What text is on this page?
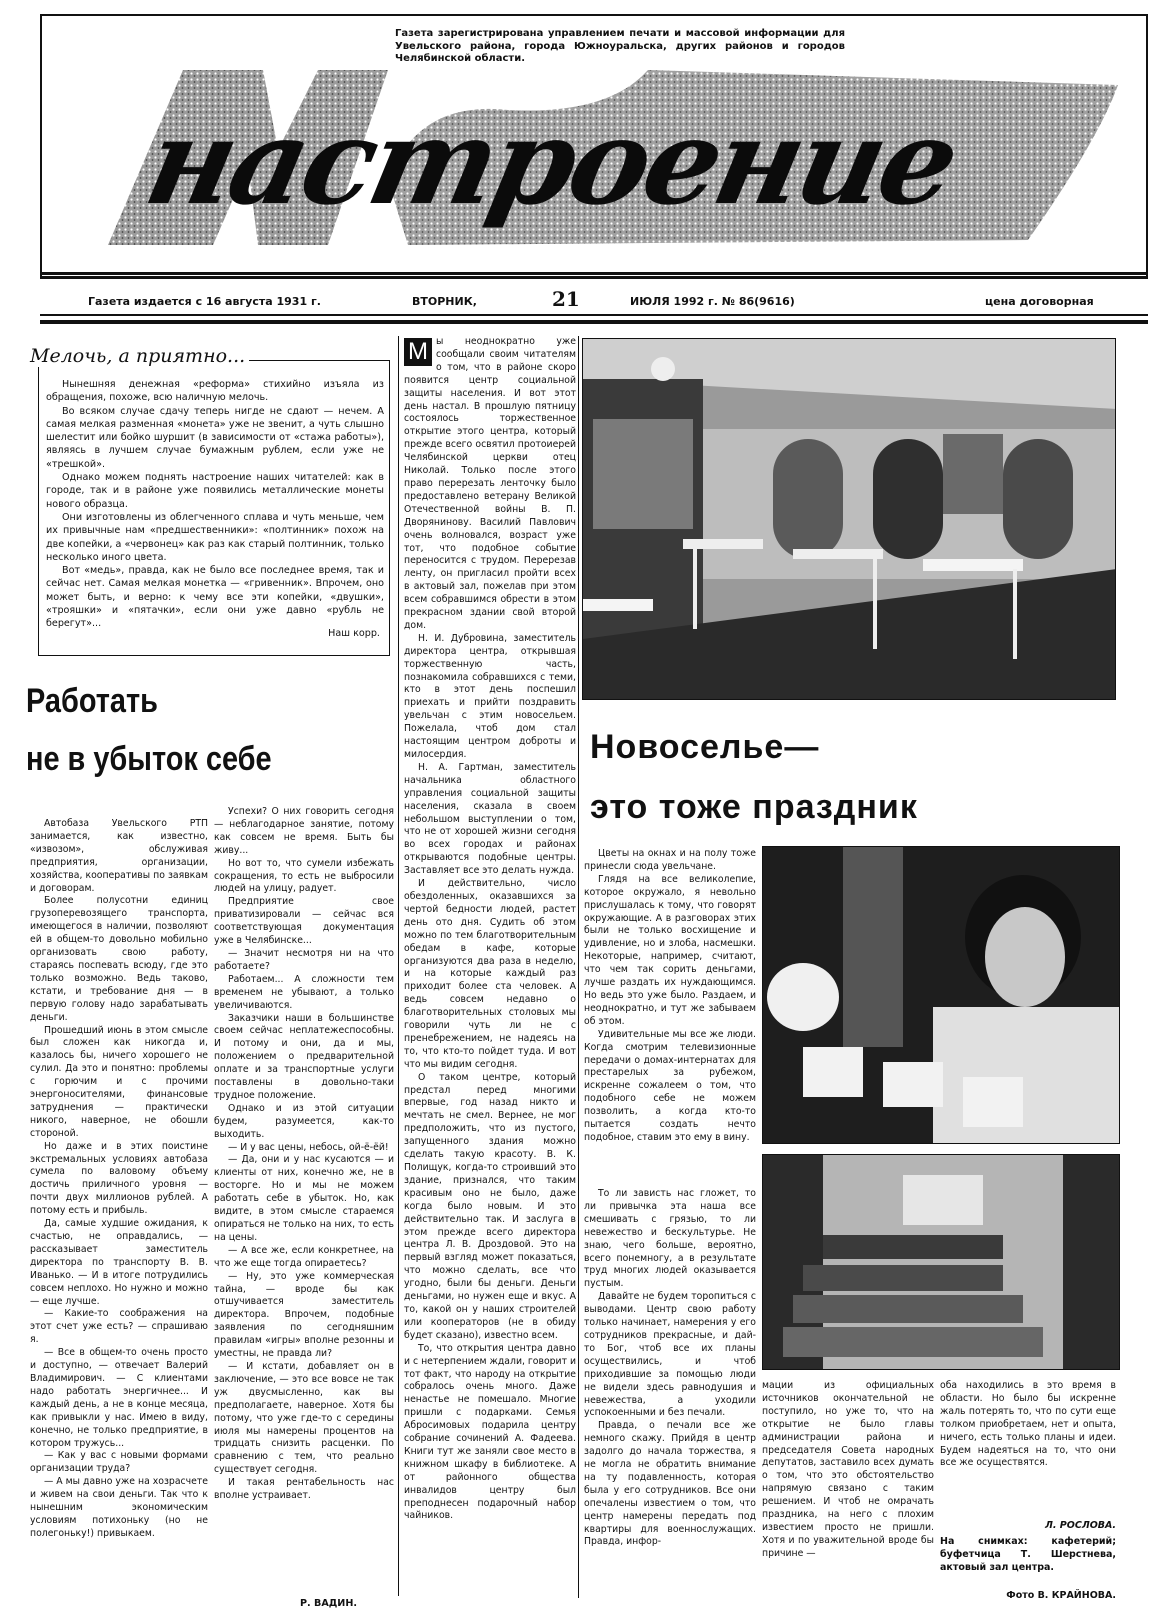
Газета зарегистрирована управлением печати и массовой информации для Увельского района, города Южноуральска, других районов и городов Челябинской области.
настроение
Газета издается с 16 августа 1931 г.	ВТОРНИК,	21	ИЮЛЯ 1992 г. № 86(9616)	цена договорная
Мелочь, а приятно...

Нынешняя денежная «реформа» стихийно изъяла из обращения, похоже, всю наличную мелочь.

Во всяком случае сдачу теперь нигде не сдают — нечем. А самая мелкая разменная «монета» уже не звенит, а чуть слышно шелестит или бойко шуршит (в зависимости от «стажа работы»), являясь в лучшем случае бумажным рублем, если уже не «трешкой».

Однако можем поднять настроение наших читателей: как в городе, так и в районе уже появились металлические монеты нового образца.

Они изготовлены из облегченного сплава и чуть меньше, чем их привычные нам «предшественники»: «полтинник» похож на две копейки, а «червонец» как раз как старый полтинник, только несколько иного цвета.

Вот «медь», правда, как не было все последнее время, так и сейчас нет. Самая мелкая монетка — «гривенник». Впрочем, оно может быть, и верно: к чему все эти копейки, «двушки», «трояшки» и «пятачки», если они уже давно «рубль не берегут»...

Наш корр.
Работать
не в убыток себе

Автобаза Увельского РТП занимается, как известно, «извозом», обслуживая предприятия, организации, хозяйства, кооперативы по заявкам и договорам.

Более полусотни единиц грузоперевозящего транспорта, имеющегося в наличии, позволяют ей в общем-то довольно мобильно организовать свою работу, стараясь поспевать всюду, где это только возможно. Ведь таково, кстати, и требование дня — в первую голову надо зарабатывать деньги.

Прошедший июнь в этом смысле был сложен как никогда и, казалось бы, ничего хорошего не сулил. Да это и понятно: проблемы с горючим и с прочими энергоносителями, финансовые затруднения — практически никого, наверное, не обошли стороной.

Но даже и в этих поистине экстремальных условиях автобаза сумела по валовому объему достичь приличного уровня — почти двух миллионов рублей. А потому есть и прибыль.

Да, самые худшие ожидания, к счастью, не оправдались, — рассказывает заместитель директора по транспорту В. В. Иванько. — И в итоге потрудились совсем неплохо. Но нужно и можно — еще лучше.

— Какие-то соображения на этот счет уже есть? — спрашиваю я.

— Все в общем-то очень просто и доступно, — отвечает Валерий Владимирович. — С клиентами надо работать энергичнее... И каждый день, а не в конце месяца, как привыкли у нас. Имею в виду, конечно, не только предприятие, в котором тружусь...

— Как у вас с новыми формами организации труда?

— А мы давно уже на хозрасчете и живем на свои деньги. Так что к нынешним экономическим условиям потихоньку (но не полегоньку!) привыкаем.

Успехи? О них говорить сегодня — неблагодарное занятие, потому как совсем не время. Быть бы живу...

Но вот то, что сумели избежать сокращения, то есть не выбросили людей на улицу, радует.

Предприятие свое приватизировали — сейчас вся соответствующая документация уже в Челябинске...

— Значит несмотря ни на что работаете?

Работаем... А сложности тем временем не убывают, а только увеличиваются.

Заказчики наши в большинстве своем сейчас неплатежеспособны. И потому и они, да и мы, положением о предварительной оплате и за транспортные услуги поставлены в довольно-таки трудное положение.

Однако и из этой ситуации будем, разумеется, как-то выходить.

— И у вас цены, небось, ой-ё-ёй!

— Да, они и у нас кусаются — и клиенты от них, конечно же, не в восторге. Но и мы не можем работать себе в убыток. Но, как видите, в этом смысле стараемся опираться не только на них, то есть на цены.

— А все же, если конкретнее, на что же еще тогда опираетесь?

— Ну, это уже коммерческая тайна, — вроде бы как отшучивается заместитель директора. Впрочем, подобные заявления по сегодняшним правилам «игры» вполне резонны и уместны, не правда ли?

— И кстати, добавляет он в заключение, — это все вовсе не так уж двусмысленно, как вы предполагаете, наверное. Хотя бы потому, что уже где-то с середины июля мы намерены процентов на тридцать снизить расценки. По сравнению с тем, что реально существует сегодня.

И такая рентабельность нас вполне устраивает.

Р. ВАДИН.

М ы неоднократно уже сообщали своим читателям о том, что в районе скоро появится центр социальной защиты населения. И вот этот день настал. В прошлую пятницу состоялось торжественное открытие этого центра, который прежде всего освятил протоиерей Челябинской церкви отец Николай. Только после этого право перерезать ленточку было предоставлено ветерану Великой Отечественной войны В. П. Дворянинову. Василий Павлович очень волновался, возраст уже тот, что подобное событие переносится с трудом. Перерезав ленту, он пригласил пройти всех в актовый зал, пожелав при этом всем собравшимся обрести в этом прекрасном здании свой второй дом.

Н. И. Дубровина, заместитель директора центра, открывшая торжественную часть, познакомила собравшихся с теми, кто в этот день поспешил приехать и прийти поздравить увельчан с этим новосельем. Пожелала, чтоб дом стал настоящим центром доброты и милосердия.

Н. А. Гартман, заместитель начальника областного управления социальной защиты населения, сказала в своем небольшом выступлении о том, что не от хорошей жизни сегодня во всех городах и районах открываются подобные центры. Заставляет все это делать нужда.

И действительно, число обездоленных, оказавшихся за чертой бедности людей, растет день ото дня. Судить об этом можно по тем благотворительным обедам в кафе, которые организуются два раза в неделю, и на которые каждый раз приходит более ста человек. А ведь совсем недавно о благотворительных столовых мы говорили чуть ли не с пренебрежением, не надеясь на то, что кто-то пойдет туда. И вот что мы видим сегодня.

О таком центре, который предстал перед многими впервые, год назад никто и мечтать не смел. Вернее, не мог предположить, что из пустого, запущенного здания можно сделать такую красоту. В. К. Полищук, когда-то строивший это здание, признался, что таким красивым оно не было, даже когда было новым. И это действительно так. И заслуга в этом прежде всего директора центра Л. В. Дроздовой. Это на первый взгляд может показаться, что можно сделать, все что угодно, были бы деньги. Деньги деньгами, но нужен еще и вкус. А то, какой он у наших строителей или кооператоров (не в обиду будет сказано), известно всем.

То, что открытия центра давно и с нетерпением ждали, говорит и тот факт, что народу на открытие собралось очень много. Даже ненастье не помешало. Многие пришли с подарками. Семья Абросимовых подарила центру собрание сочинений А. Фадеева. Книги тут же заняли свое место в книжном шкафу в библиотеке. А от районного общества инвалидов центру был преподнесен подарочный набор чайников.

Новоселье—
это тоже праздник

Цветы на окнах и на полу тоже принесли сюда увельчане.

Глядя на все великолепие, которое окружало, я невольно прислушалась к тому, что говорят окружающие. А в разговорах этих были не только восхищение и удивление, но и злоба, насмешки. Некоторые, например, считают, что чем так сорить деньгами, лучше раздать их нуждающимся. Но ведь это уже было. Раздаем, и неоднократно, и тут же забываем об этом.

Удивительные мы все же люди. Когда смотрим телевизионные передачи о домах-интернатах для престарелых за рубежом, искренне сожалеем о том, что подобного себе не можем позволить, а когда кто-то пытается создать нечто подобное, ставим это ему в вину.

То ли зависть нас гложет, то ли привычка эта наша все смешивать с грязью, то ли невежество и бескультурье. Не знаю, чего больше, вероятно, всего понемногу, а в результате труд многих людей оказывается пустым.

Давайте не будем торопиться с выводами. Центр свою работу только начинает, намерения у его сотрудников прекрасные, и дай-то Бог, чтоб все их планы осуществились, и чтоб приходившие за помощью люди не видели здесь равнодушия и невежества, а уходили успокоенными и без печали.

Правда, о печали все же немного скажу. Прийдя в центр задолго до начала торжества, я не могла не обратить внимание на ту подавленность, которая была у его сотрудников. Все они опечалены известием о том, что центр намерены передать под квартиры для военнослужащих. Правда, инфор-

мации из официальных источников окончательной не поступило, но уже то, что на открытие не было главы администрации района и председателя Совета народных депутатов, заставило всех думать о том, что это обстоятельство напрямую связано с таким решением. И чтоб не омрачать праздника, на него с плохим известием просто не пришли. Хотя и по уважительной вроде бы причине —

оба находились в это время в области. Но было бы искренне жаль потерять то, что по сути еще толком приобретаем, нет и опыта, ничего, есть только планы и идеи. Будем надеяться на то, что они все же осуществятся.

Л. РОСЛОВА.
На снимках: кафетерий; буфетчица Т. Шерстнева, актовый зал центра.
Фото В. КРАЙНОВА.
